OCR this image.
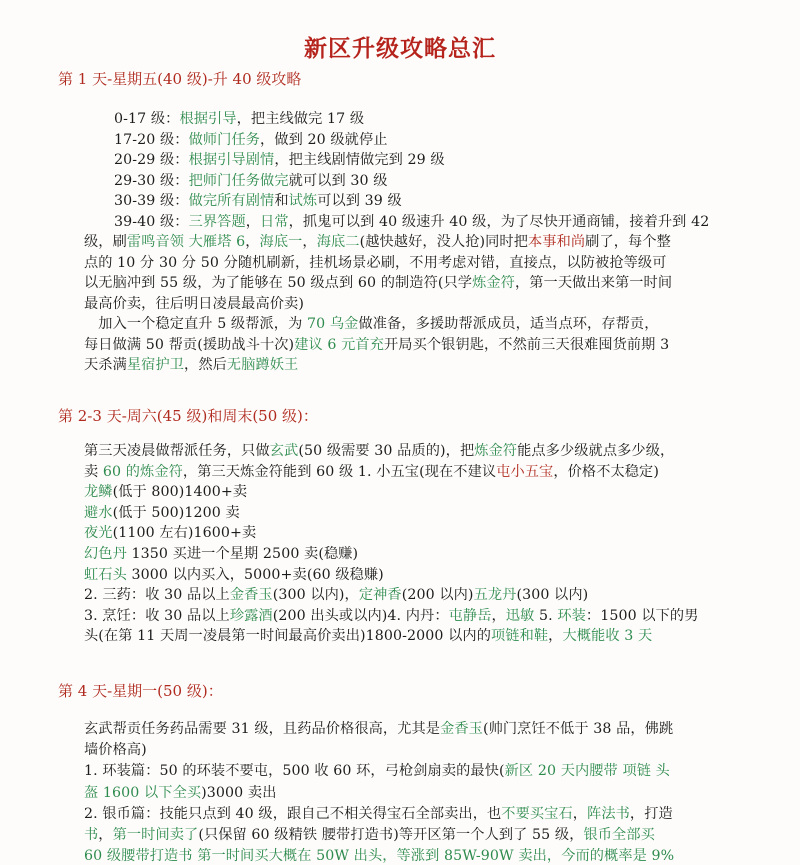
新区升级攻略总汇
第 1 天-星期五(40 级)-升 40 级攻略
0-17 级：根据引导，把主线做完 17 级
17-20 级：做师门任务，做到 20 级就停止
20-29 级：根据引导剧情，把主线剧情做完到 29 级
29-30 级：把师门任务做完就可以到 30 级
30-39 级：做完所有剧情和试炼可以到 39 级
39-40 级：三界答题，日常，抓鬼可以到 40 级速升 40 级，为了尽快开通商铺，接着升到 42
级，刷雷鸣音领 大雁塔 6，海底一，海底二(越快越好，没人抢)同时把本事和尚刷了，每个整
点的 10 分 30 分 50 分随机刷新，挂机场景必刷，不用考虑对错，直接点，以防被抢等级可
以无脑冲到 55 级，为了能够在 50 级点到 60 的制造符(只学炼金符，第一天做出来第一时间
最高价卖，往后明日凌晨最高价卖)
　加入一个稳定直升 5 级帮派，为 70 乌金做准备，多援助帮派成员，适当点环，存帮贡，
每日做满 50 帮贡(援助战斗十次)建议 6 元首充开局买个银钥匙，不然前三天很难囤货前期 3
天杀满星宿护卫，然后无脑蹲妖王
第 2-3 天-周六(45 级)和周末(50 级)：
第三天凌晨做帮派任务，只做玄武(50 级需要 30 品质的)，把炼金符能点多少级就点多少级，
卖 60 的炼金符，第三天炼金符能到 60 级 1. 小五宝(现在不建议屯小五宝，价格不太稳定)
龙鳞(低于 800)1400+卖
避水(低于 500)1200 卖
夜光(1100 左右)1600+卖
幻色丹 1350 买进一个星期 2500 卖(稳赚)
虹石头 3000 以内买入，5000+卖(60 级稳赚)
2. 三药：收 30 品以上金香玉(300 以内)，定神香(200 以内)五龙丹(300 以内)
3. 烹饪：收 30 品以上珍露酒(200 出头或以内)4. 内丹：屯静岳，迅敏 5. 环装：1500 以下的男
头(在第 11 天周一凌晨第一时间最高价卖出)1800-2000 以内的项链和鞋，大概能收 3 天
第 4 天-星期一(50 级)：
玄武帮贡任务药品需要 31 级，且药品价格很高，尤其是金香玉(帅门烹饪不低于 38 品，佛跳
墙价格高)
1. 环装篇：50 的环装不要屯，500 收 60 环，弓枪剑扇卖的最快(新区 20 天内腰带 项链 头
盔 1600 以下全买)3000 卖出
2. 银币篇：技能只点到 40 级，跟自己不相关得宝石全部卖出，也不要买宝石，阵法书，打造
书，第一时间卖了(只保留 60 级精铁 腰带打造书)等开区第一个人到了 55 级，银币全部买
60 级腰带打造书 第一时间买大概在 50W 出头，等涨到 85W-90W 卖出，今而的概率是 9%
